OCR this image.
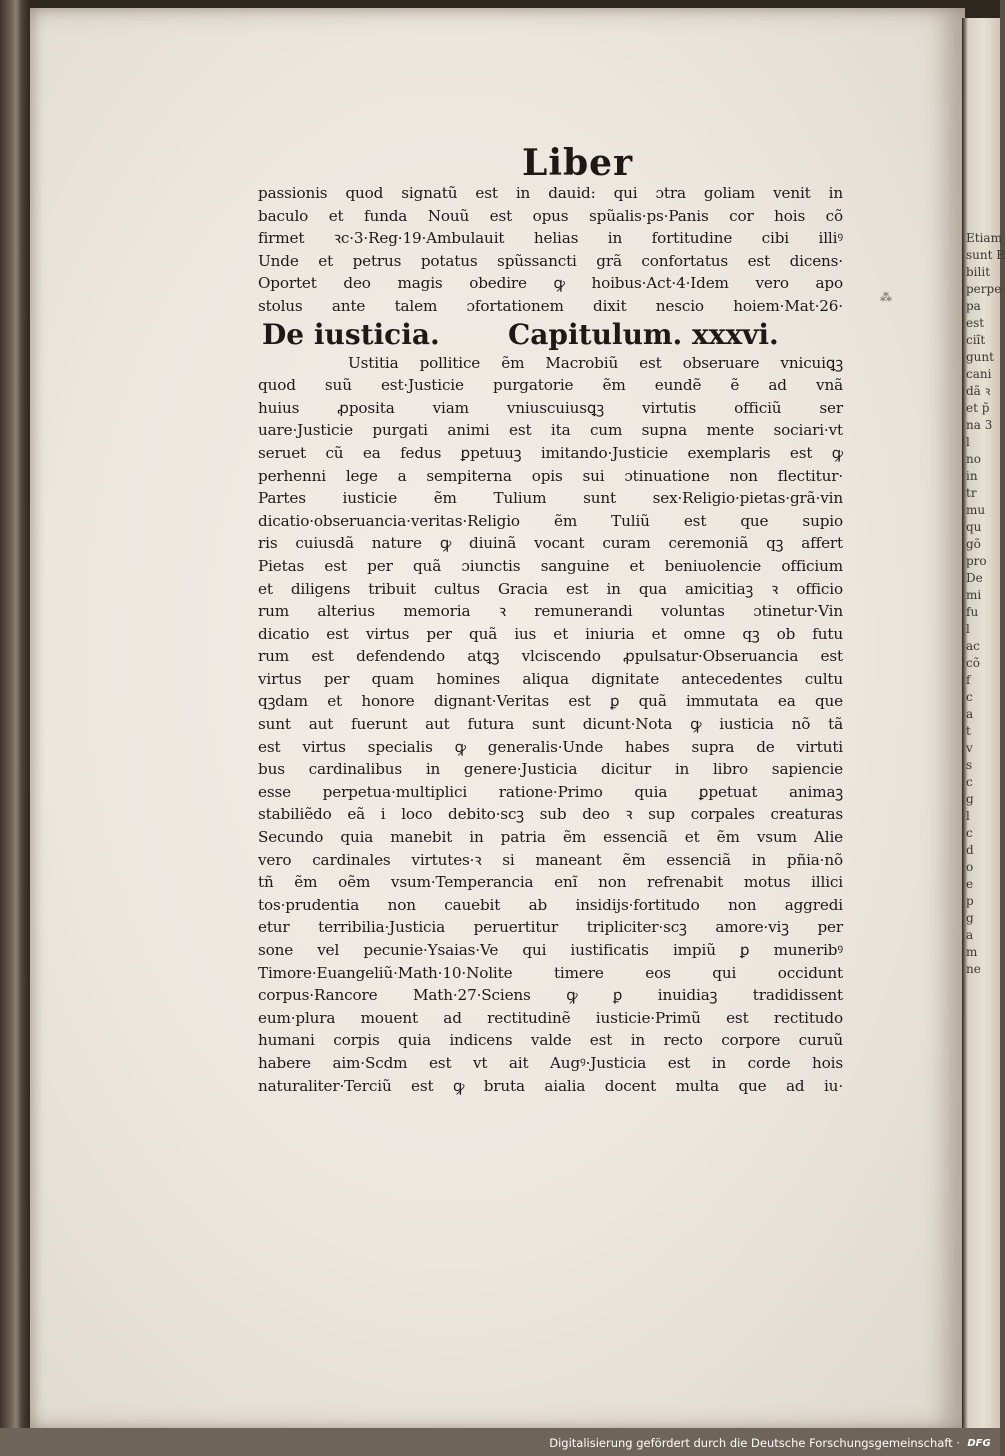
Etiam
sunt E
bilit
perpe
pa
est
ciĩt
gunt
cani
dã ꝛ
et p̃
na 3
l
no
in
tr
mu
qu
gõ
pro
De
mi
fu
l
ac
cõ
f
c
a
t
v
s
c
g
l
c
d
o
e
p
g
a
m
ne
⁂
Liber
passionis quod signatũ est in dauid: qui ɔtra goliam venit in
baculo et funda Nouũ est opus spũalis·ps·Panis cor hois cõ
firmet ꝛc·3·Reg·19·Ambulauit helias in fortitudine cibi illiꝰ
Unde et petrus potatus spũssancti grã confortatus est dicens·
Oportet deo magis obedire ꝙ hoibus·Act·4·Idem vero apo
stolus ante talem ɔfortationem dixit nescio hoiem·Mat·26·
De iusticia. Capitulum. xxxvi.
Ustitia pollitice ẽm Macrobiũ est obseruare vnicuiꝗꝫ
quod suũ est·Justicie purgatorie ẽm eundẽ ẽ ad vnã
huius ꝓposita viam vniuscuiusꝗꝫ virtutis officiũ ser
uare·Justicie purgati animi est ita cum supna mente sociari·vt
seruet cũ ea fedus ꝑpetuuꝫ imitando·Justicie exemplaris est ꝙ
perhenni lege a sempiterna opis sui ɔtinuatione non flectitur·
Partes iusticie ẽm Tulium sunt sex·Religio·pietas·grã·vin
dicatio·obseruancia·veritas·Religio ẽm Tuliũ est que supio
ris cuiusdã nature ꝙ diuinã vocant curam ceremoniã qꝫ affert
Pietas est per quã ɔiunctis sanguine et beniuolencie officium
et diligens tribuit cultus Gracia est in qua amicitiaꝫ ꝛ officio
rum alterius memoria ꝛ remunerandi voluntas ɔtinetur·Vin
dicatio est virtus per quã ius et iniuria et omne qꝫ ob futu
rum est defendendo atꝗꝫ vlciscendo ꝓpulsatur·Obseruancia est
virtus per quam homines aliqua dignitate antecedentes cultu
qꝫdam et honore dignant·Veritas est ꝑ quã immutata ea que
sunt aut fuerunt aut futura sunt dicunt·Nota ꝙ iusticia nõ tã
est virtus specialis ꝙ generalis·Unde habes supra de virtuti
bus cardinalibus in genere·Justicia dicitur in libro sapiencie
esse perpetua·multiplici ratione·Primo quia ꝑpetuat animaꝫ
stabiliẽdo eã i loco debito·scꝫ sub deo ꝛ sup corpales creaturas
Secundo quia manebit in patria ẽm essenciã et ẽm vsum Alie
vero cardinales virtutes·ꝛ si maneant ẽm essenciã in pñia·nõ
tñ ẽm oẽm vsum·Temperancia enĩ non refrenabit motus illici
tos·prudentia non cauebit ab insidijs·fortitudo non aggredi
etur terribilia·Justicia peruertitur tripliciter·scꝫ amore·viꝫ per
sone vel pecunie·Ysaias·Ve qui iustificatis impiũ ꝑ muneribꝰ
Timore·Euangeliũ·Math·10·Nolite timere eos qui occidunt
corpus·Rancore Math·27·Sciens ꝙ ꝑ inuidiaꝫ tradidissent
eum·plura mouent ad rectitudinẽ iusticie·Primũ est rectitudo
humani corpis quia indicens valde est in recto corpore curuũ
habere aim·Scdm est vt ait Augꝰ·Justicia est in corde hois
naturaliter·Terciũ est ꝙ bruta aialia docent multa que ad iu·
Digitalisierung gefördert durch die Deutsche Forschungsgemeinschaft · DFG
